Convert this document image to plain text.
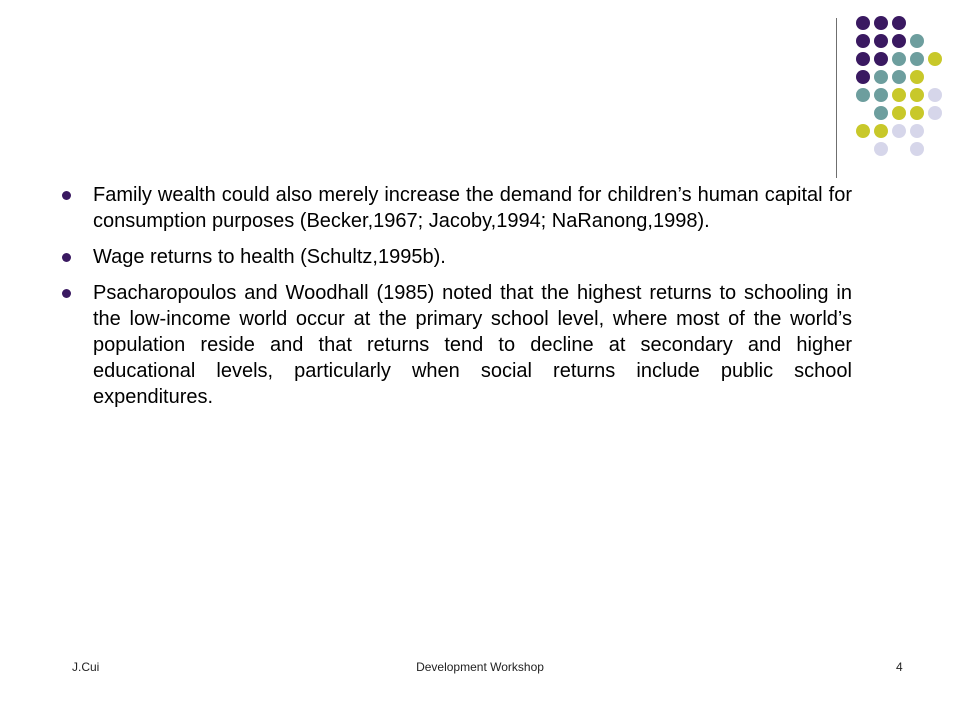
Family wealth could also merely increase the demand for children’s human capital for consumption purposes (Becker,1967; Jacoby,1994; NaRanong,1998).
Wage returns to health (Schultz,1995b).
Psacharopoulos and Woodhall (1985) noted that the highest returns to schooling in the low-income world occur at the primary school level, where most of the world’s population reside and that returns tend to decline at secondary and higher educational levels, particularly when social returns include public school expenditures.
J.Cui	Development Workshop	4
